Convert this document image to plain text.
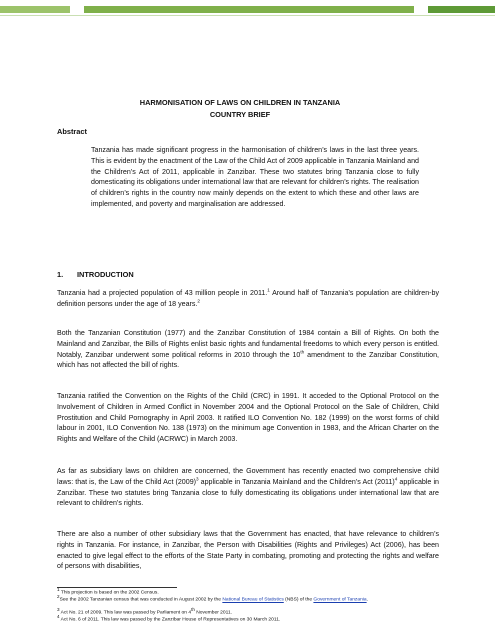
HARMONISATION OF LAWS ON CHILDREN IN TANZANIA
COUNTRY BRIEF
Abstract
Tanzania has made significant progress in the harmonisation of children’s laws in the last three years. This is evident by the enactment of the Law of the Child Act of 2009 applicable in Tanzania Mainland and the Children’s Act of 2011, applicable in Zanzibar. These two statutes bring Tanzania close to fully domesticating its obligations under international law that are relevant for children’s rights. The realisation of children’s rights in the country now mainly depends on the extent to which these and other laws are implemented, and poverty and marginalisation are addressed.
1. INTRODUCTION
Tanzania had a projected population of 43 million people in 2011.$^1$ Around half of Tanzania’s population are children-by definition persons under the age of 18 years.$^2$
Both the Tanzanian Constitution (1977) and the Zanzibar Constitution of 1984 contain a Bill of Rights. On both the Mainland and Zanzibar, the Bills of Rights enlist basic rights and fundamental freedoms to which every person is entitled. Notably, Zanzibar underwent some political reforms in 2010 through the 10th amendment to the Zanzibar Constitution, which has not affected the bill of rights.
Tanzania ratified the Convention on the Rights of the Child (CRC) in 1991. It acceded to the Optional Protocol on the Involvement of Children in Armed Conflict in November 2004 and the Optional Protocol on the Sale of Children, Child Prostitution and Child Pornography in April 2003. It ratified ILO Convention No. 182 (1999) on the worst forms of child labour in 2001, ILO Convention No. 138 (1973) on the minimum age Convention in 1983, and the African Charter on the Rights and Welfare of the Child (ACRWC) in March 2003.
As far as subsidiary laws on children are concerned, the Government has recently enacted two comprehensive child laws: that is, the Law of the Child Act $(2009)^3$ applicable in Tanzania Mainland and the Children’s Act $(2011)^4$ applicable in Zanzibar. These two statutes bring Tanzania close to fully domesticating its obligations under international law that are relevant to children’s rights.
There are also a number of other subsidiary laws that the Government has enacted, that have relevance to children’s rights in Tanzania. For instance, in Zanzibar, the Person with Disabilities (Rights and Privileges) Act (2006), has been enacted to give legal effect to the efforts of the State Party in combating, promoting and protecting the rights and welfare of persons with disabilities,
$^1$ This projection is based on the 2002 Census.
$^2$See the 2002 Tanzanian census that was conducted in August 2002 by the National Bureau of Statistics (NBS) of the Government of Tanzania.
$^3$ Act No. 21 of 2009. This law was passed by Parliament on 4th November 2011.
$^4$ Act No. 6 of 2011. This law was passed by the Zanzibar House of Representatives on 30 March 2011.
